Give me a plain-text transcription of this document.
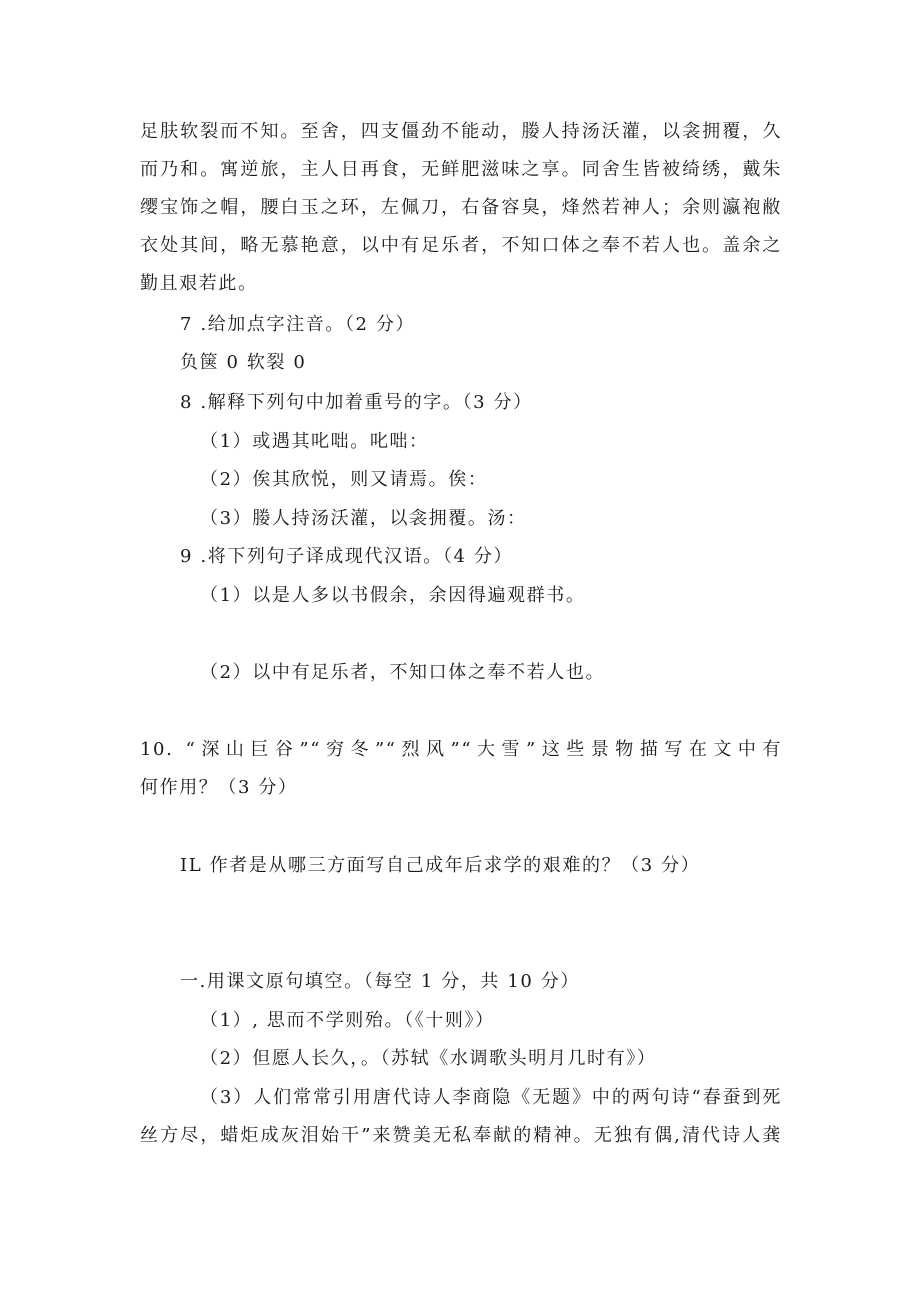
足肤软裂而不知。至舍，四支僵劲不能动，媵人持汤沃灌，以衾拥覆，久
而乃和。寓逆旅，主人日再食，无鲜肥滋味之享。同舍生皆被绮绣，戴朱
缨宝饰之帽，腰白玉之环，左佩刀，右备容臭，烽然若神人；余则瀛袍敝
衣处其间，略无慕艳意，以中有足乐者，不知口体之奉不若人也。盖余之
勤且艰若此。
7 .给加点字注音。（2 分）
负箧 0 软裂 0
8 .解释下列句中加着重号的字。（3 分）
（1）或遇其叱咄。叱咄：
（2）俟其欣悦，则又请焉。俟：
（3）媵人持汤沃灌，以衾拥覆。汤：
9 .将下列句子译成现代汉语。（4 分）
（1）以是人多以书假余，余因得遍观群书。
（2）以中有足乐者，不知口体之奉不若人也。
10. “深山巨谷”“穷冬”“烈风”“大雪”这些景物描写在文中有
何作用？（3 分）
IL 作者是从哪三方面写自己成年后求学的艰难的？（3 分）
一.用课文原句填空。（每空 1 分，共 10 分）
（1）, 思而不学则殆。（《十则》）
（2）但愿人长久，。（苏轼《水调歌头明月几时有》）
（3）人们常常引用唐代诗人李商隐《无题》中的两句诗“春蚕到死
丝方尽，蜡炬成灰泪始干”来赞美无私奉献的精神。无独有偶,清代诗人龚
